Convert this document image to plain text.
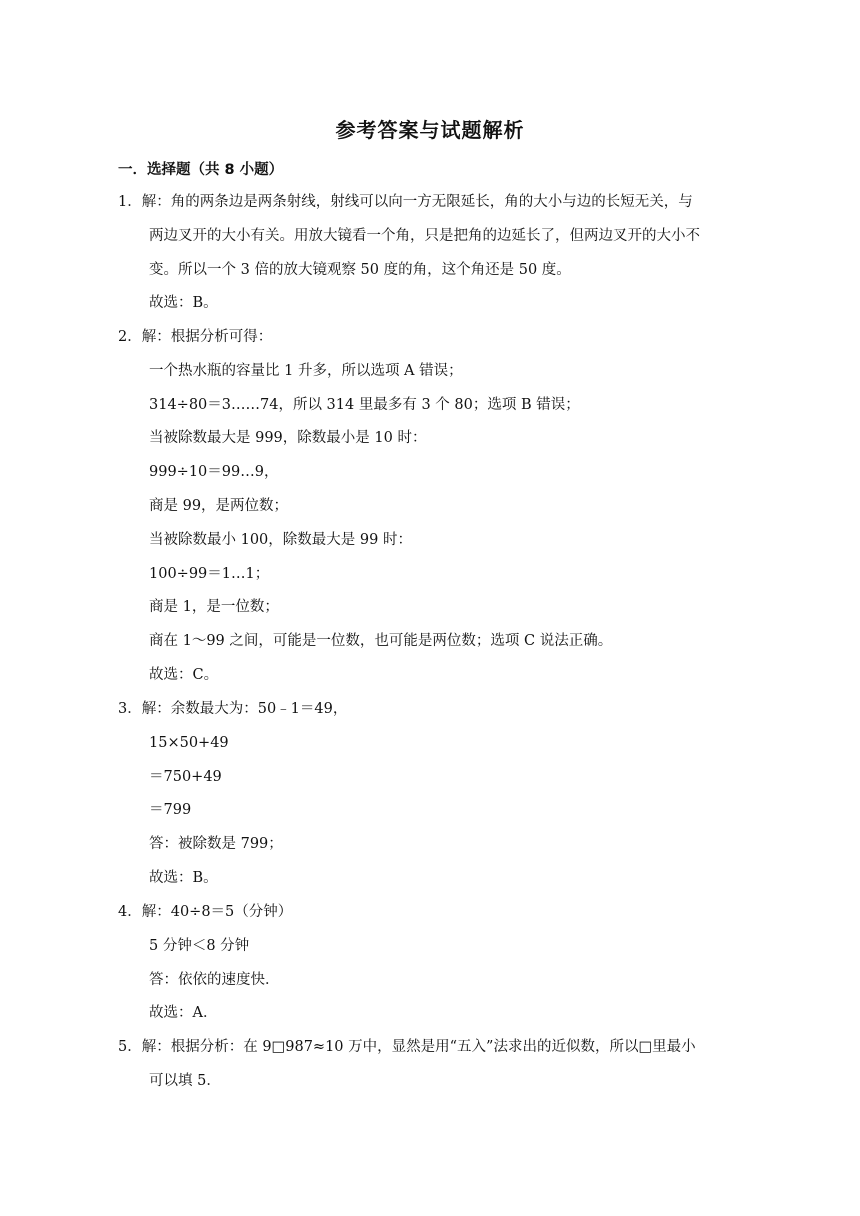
参考答案与试题解析
一．选择题（共 8 小题）
1．解：角的两条边是两条射线，射线可以向一方无限延长，角的大小与边的长短无关，与
两边叉开的大小有关。用放大镜看一个角，只是把角的边延长了，但两边叉开的大小不
变。所以一个 3 倍的放大镜观察 50 度的角，这个角还是 50 度。
故选：B。
2．解：根据分析可得：
一个热水瓶的容量比 1 升多，所以选项 A 错误；
314÷80＝3……74，所以 314 里最多有 3 个 80；选项 B 错误；
当被除数最大是 999，除数最小是 10 时：
999÷10＝99…9，
商是 99，是两位数；
当被除数最小 100，除数最大是 99 时：
100÷99＝1…1；
商是 1，是一位数；
商在 1～99 之间，可能是一位数，也可能是两位数；选项 C 说法正确。
故选：C。
3．解：余数最大为：50﹣1＝49，
15×50+49
＝750+49
＝799
答：被除数是 799；
故选：B。
4．解：40÷8＝5（分钟）
5 分钟＜8 分钟
答：依依的速度快．
故选：A．
5．解：根据分析：在 9□987≈10 万中，显然是用“五入”法求出的近似数，所以□里最小
可以填 5．
